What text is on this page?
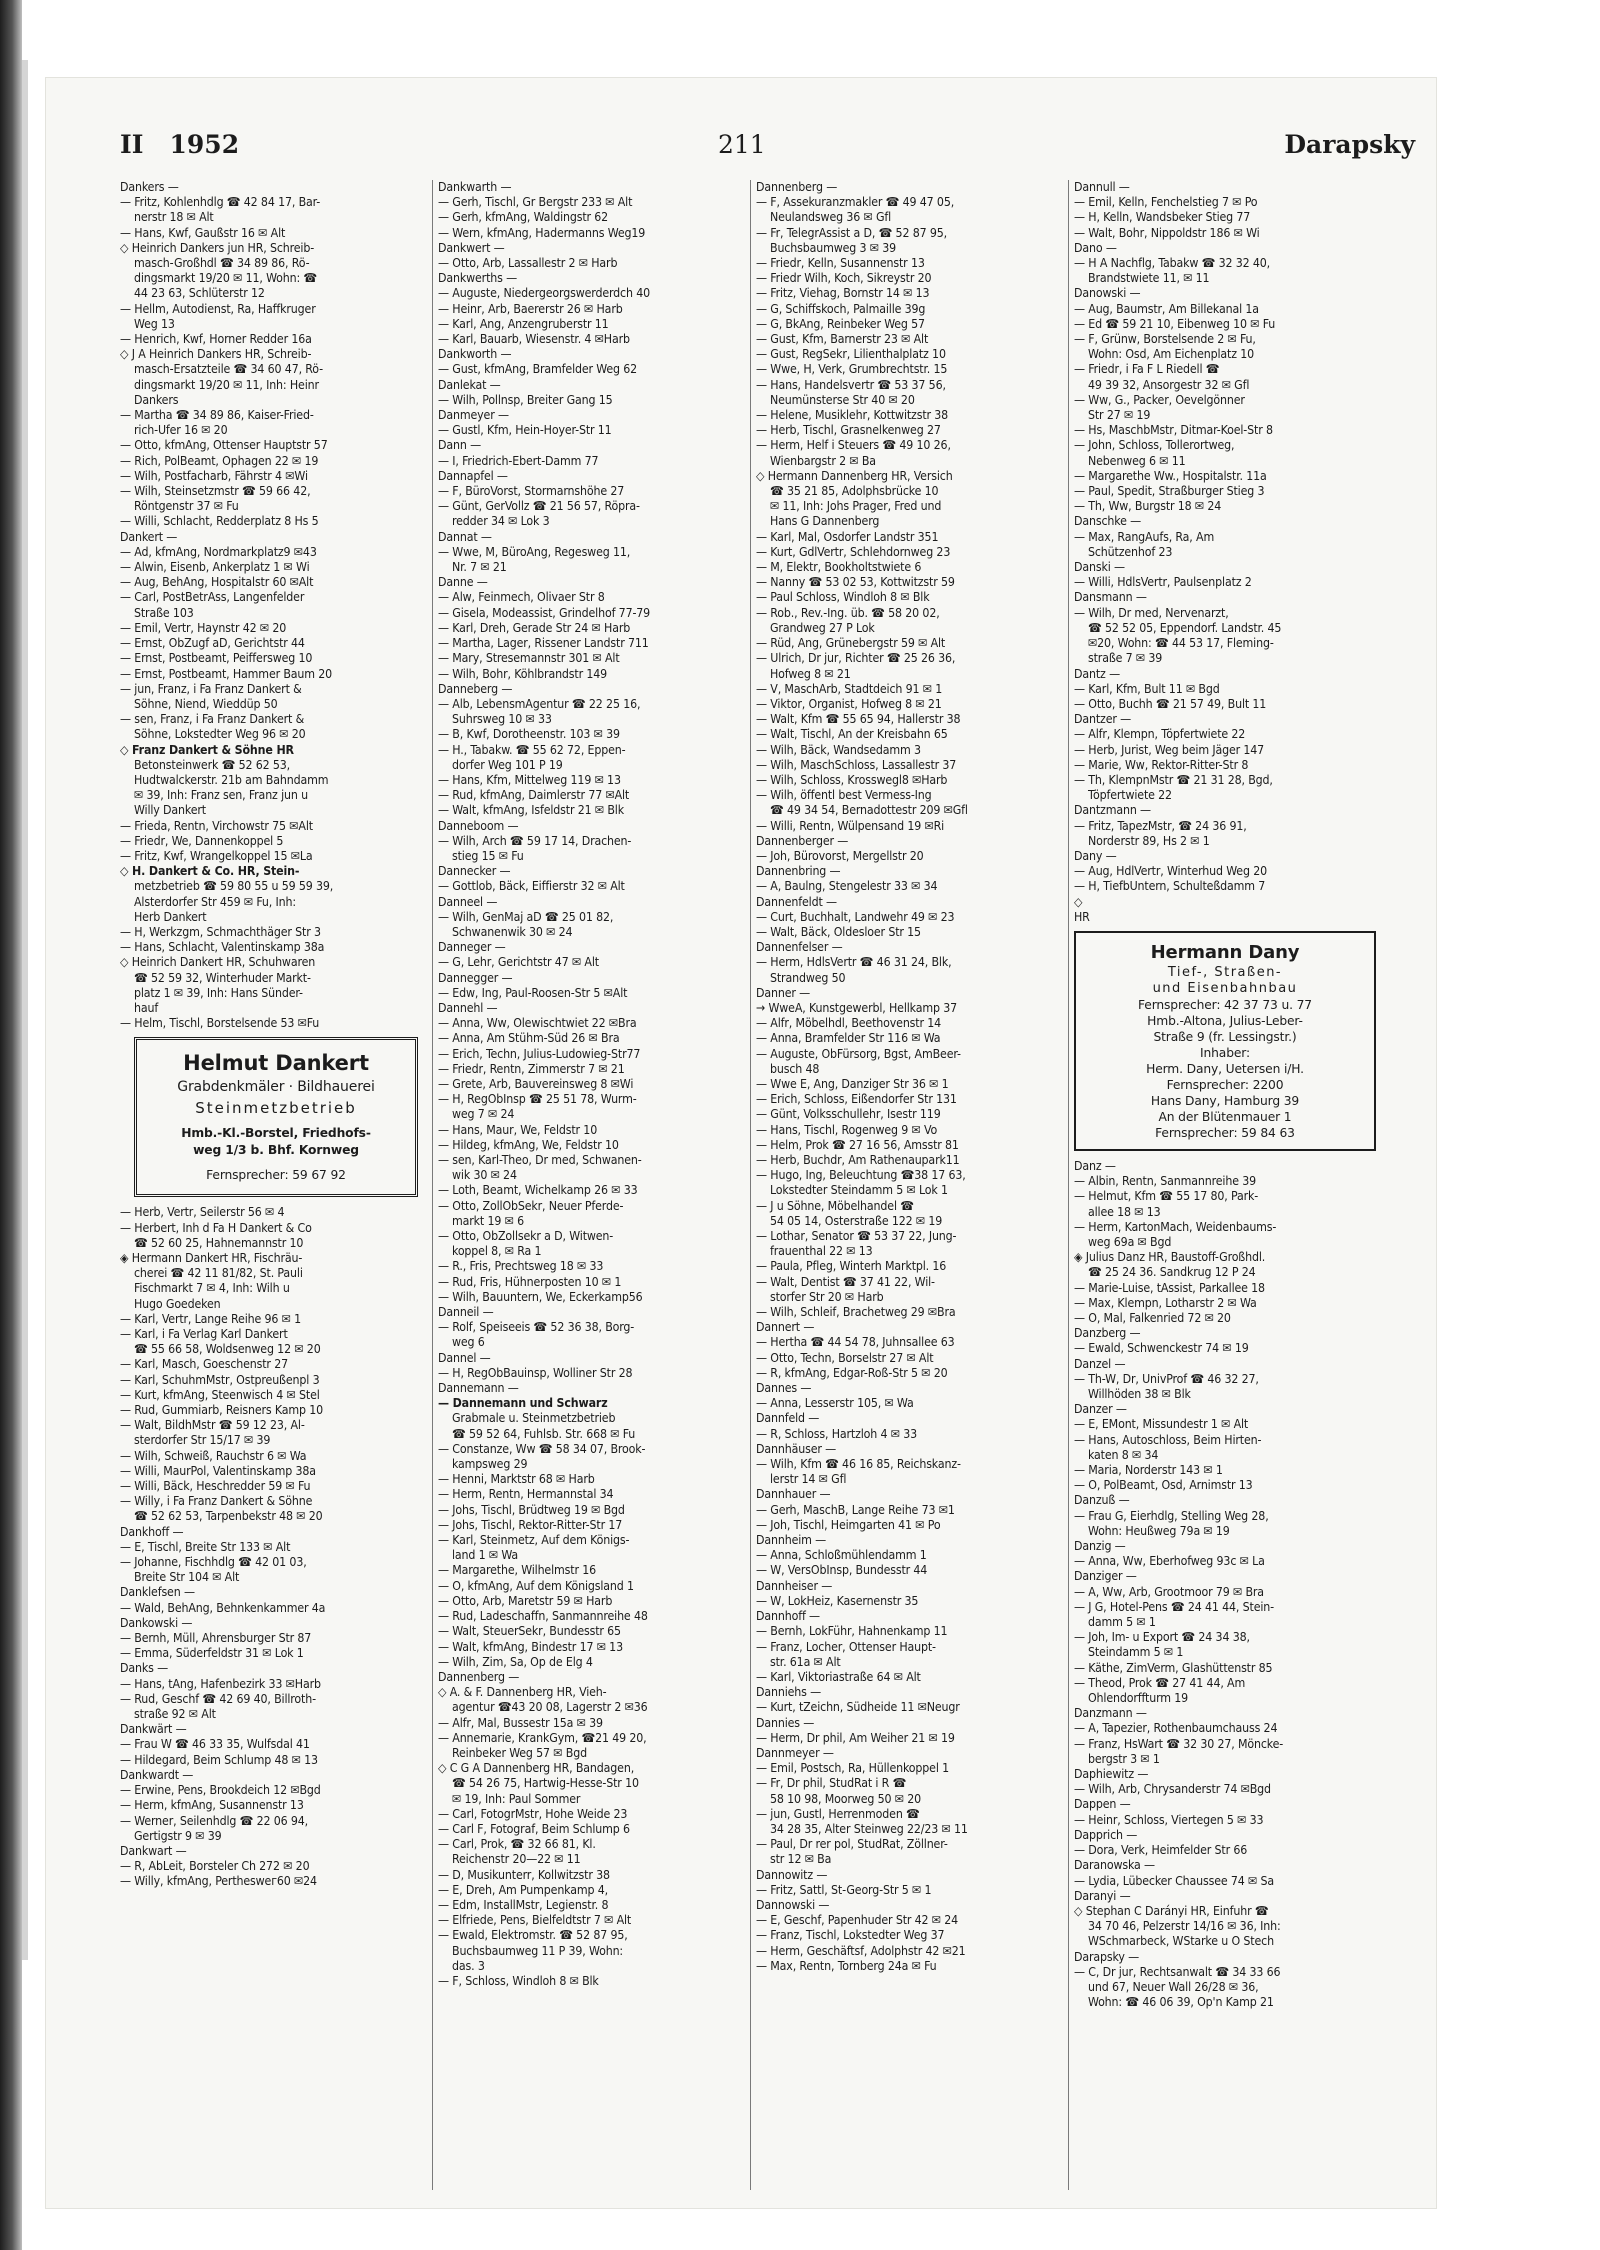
II 1952	211	Darapsky
Dankers —
— Fritz, Kohlenhdlg ☎ 42 84 17, Bar-
nerstr 18 ✉ Alt
— Hans, Kwf, Gaußstr 16 ✉ Alt
◇ Heinrich Dankers jun HR, Schreib-
masch-Großhdl ☎ 34 89 86, Rö-
dingsmarkt 19/20 ✉ 11, Wohn: ☎
44 23 63, Schlüterstr 12
— Hellm, Autodienst, Ra, Haffkruger
Weg 13
— Henrich, Kwf, Horner Redder 16a
◇ J A Heinrich Dankers HR, Schreib-
masch-Ersatzteile ☎ 34 60 47, Rö-
dingsmarkt 19/20 ✉ 11, Inh: Heinr
Dankers
— Martha ☎ 34 89 86, Kaiser-Fried-
rich-Ufer 16 ✉ 20
— Otto, kfmAng, Ottenser Hauptstr 57
— Rich, PolBeamt, Ophagen 22 ✉ 19
— Wilh, Postfacharb, Fährstr 4 ✉Wi
— Wilh, Steinsetzmstr ☎ 59 66 42,
Röntgenstr 37 ✉ Fu
— Willi, Schlacht, Redderplatz 8 Hs 5
Dankert —
— Ad, kfmAng, Nordmarkplatz9 ✉43
— Alwin, Eisenb, Ankerplatz 1 ✉ Wi
— Aug, BehAng, Hospitalstr 60 ✉Alt
— Carl, PostBetrAss, Langenfelder
Straße 103
— Emil, Vertr, Haynstr 42 ✉ 20
— Ernst, ObZugf aD, Gerichtstr 44
— Ernst, Postbeamt, Peiffersweg 10
— Ernst, Postbeamt, Hammer Baum 20
— jun, Franz, i Fa Franz Dankert &
Söhne, Niend, Wieddüp 50
— sen, Franz, i Fa Franz Dankert &
Söhne, Lokstedter Weg 96 ✉ 20
◇ Franz Dankert & Söhne HR
Betonsteinwerk ☎ 52 62 53,
Hudtwalckerstr. 21b am Bahndamm
✉ 39, Inh: Franz sen, Franz jun u
Willy Dankert
— Frieda, Rentn, Virchowstr 75 ✉Alt
— Friedr, We, Dannenkoppel 5
— Fritz, Kwf, Wrangelkoppel 15 ✉La
◇ H. Dankert & Co. HR, Stein-
metzbetrieb ☎ 59 80 55 u 59 59 39,
Alsterdorfer Str 459 ✉ Fu, Inh:
Herb Dankert
— H, Werkzgm, Schmachthäger Str 3
— Hans, Schlacht, Valentinskamp 38a
◇ Heinrich Dankert HR, Schuhwaren
☎ 52 59 32, Winterhuder Markt-
platz 1 ✉ 39, Inh: Hans Sünder-
hauf
— Helm, Tischl, Borstelsende 53 ✉Fu
Helmut Dankert
Grabdenkmäler · Bildhauerei
Steinmetzbetrieb
Hmb.-Kl.-Borstel, Friedhofs-
weg 1/3 b. Bhf. Kornweg
Fernsprecher: 59 67 92
— Herb, Vertr, Seilerstr 56 ✉ 4
— Herbert, Inh d Fa H Dankert & Co
☎ 52 60 25, Hahnemannstr 10
◈ Hermann Dankert HR, Fischräu-
cherei ☎ 42 11 81/82, St. Pauli
Fischmarkt 7 ✉ 4, Inh: Wilh u
Hugo Goedeken
— Karl, Vertr, Lange Reihe 96 ✉ 1
— Karl, i Fa Verlag Karl Dankert
☎ 55 66 58, Woldsenweg 12 ✉ 20
— Karl, Masch, Goeschenstr 27
— Karl, SchuhmMstr, Ostpreußenpl 3
— Kurt, kfmAng, Steenwisch 4 ✉ Stel
— Rud, Gummiarb, Reisners Kamp 10
— Walt, BildhMstr ☎ 59 12 23, Al-
sterdorfer Str 15/17 ✉ 39
— Wilh, Schweiß, Rauchstr 6 ✉ Wa
— Willi, MaurPol, Valentinskamp 38a
— Willi, Bäck, Heschredder 59 ✉ Fu
— Willy, i Fa Franz Dankert & Söhne
☎ 52 62 53, Tarpenbekstr 48 ✉ 20
Dankhoff —
— E, Tischl, Breite Str 133 ✉ Alt
— Johanne, Fischhdlg ☎ 42 01 03,
Breite Str 104 ✉ Alt
Danklefsen —
— Wald, BehAng, Behnkenkammer 4a
Dankowski —
— Bernh, Müll, Ahrensburger Str 87
— Emma, Süderfeldstr 31 ✉ Lok 1
Danks —
— Hans, tAng, Hafenbezirk 33 ✉Harb
— Rud, Geschf ☎ 42 69 40, Billroth-
straße 92 ✉ Alt
Dankwärt —
— Frau W ☎ 46 33 35, Wulfsdal 41
— Hildegard, Beim Schlump 48 ✉ 13
Dankwardt —
— Erwine, Pens, Brookdeich 12 ✉Bgd
— Herm, kfmAng, Susannenstr 13
— Werner, Seilenhdlg ☎ 22 06 94,
Gertigstr 9 ✉ 39
Dankwart —
— R, AbLeit, Borsteler Ch 272 ✉ 20
— Willy, kfmAng, Pertheswег60 ✉24
Dankwarth —
— Gerh, Tischl, Gr Bergstr 233 ✉ Alt
— Gerh, kfmAng, Waldingstr 62
— Wern, kfmAng, Hadermanns Weg19
Dankwert —
— Otto, Arb, Lassallestr 2 ✉ Harb
Dankwerths —
— Auguste, Niedergeorgswerderdch 40
— Heinr, Arb, Baererstr 26 ✉ Harb
— Karl, Ang, Anzengruberstr 11
— Karl, Bauarb, Wiesenstr. 4 ✉Harb
Dankworth —
— Gust, kfmAng, Bramfelder Weg 62
Danlekat —
— Wilh, Pollnsp, Breiter Gang 15
Danmeyer —
— Gustl, Kfm, Hein-Hoyer-Str 11
Dann —
— I, Friedrich-Ebert-Damm 77
Dannapfel —
— F, BüroVorst, Stormarnshöhe 27
— Günt, GerVollz ☎ 21 56 57, Röpra-
redder 34 ✉ Lok 3
Dannat —
— Wwe, M, BüroAng, Regesweg 11,
Nr. 7 ✉ 21
Danne —
— Alw, Feinmech, Olivaer Str 8
— Gisela, Modeassist, Grindelhof 77-79
— Karl, Dreh, Gerade Str 24 ✉ Harb
— Martha, Lager, Rissener Landstr 711
— Mary, Stresemannstr 301 ✉ Alt
— Wilh, Bohr, Köhlbrandstr 149
Danneberg —
— Alb, LebensmAgentur ☎ 22 25 16,
Suhrsweg 10 ✉ 33
— B, Kwf, Dorotheenstr. 103 ✉ 39
— H., Tabakw. ☎ 55 62 72, Eppen-
dorfer Weg 101 P 19
— Hans, Kfm, Mittelweg 119 ✉ 13
— Rud, kfmAng, Daimlerstr 77 ✉Alt
— Walt, kfmAng, Isfeldstr 21 ✉ Blk
Danneboom —
— Wilh, Arch ☎ 59 17 14, Drachen-
stieg 15 ✉ Fu
Dannecker —
— Gottlob, Bäck, Eiffierstr 32 ✉ Alt
Danneel —
— Wilh, GenMaj aD ☎ 25 01 82,
Schwanenwik 30 ✉ 24
Danneger —
— G, Lehr, Gerichtstr 47 ✉ Alt
Dannegger —
— Edw, Ing, Paul-Roosen-Str 5 ✉Alt
Dannehl —
— Anna, Ww, Olewischtwiet 22 ✉Bra
— Anna, Am Stühm-Süd 26 ✉ Bra
— Erich, Techn, Julius-Ludowieg-Str77
— Friedr, Rentn, Zimmerstr 7 ✉ 21
— Grete, Arb, Bauvereinsweg 8 ✉Wi
— H, RegObInsp ☎ 25 51 78, Wurm-
weg 7 ✉ 24
— Hans, Maur, We, Feldstr 10
— Hildeg, kfmAng, We, Feldstr 10
— sen, Karl-Theo, Dr med, Schwanen-
wik 30 ✉ 24
— Loth, Beamt, Wichelkamp 26 ✉ 33
— Otto, ZollObSekr, Neuer Pferde-
markt 19 ✉ 6
— Otto, ObZollsekr a D, Witwen-
koppel 8, ✉ Ra 1
— R., Fris, Prechtsweg 18 ✉ 33
— Rud, Fris, Hühnerposten 10 ✉ 1
— Wilh, Bauuntern, We, Eckerkamp56
Danneil —
— Rolf, Speiseeis ☎ 52 36 38, Borg-
weg 6
Dannel —
— H, RegObBauinsp, Wolliner Str 28
Dannemann —
— Dannemann und Schwarz
Grabmale u. Steinmetzbetrieb
☎ 59 52 64, Fuhlsb. Str. 668 ✉ Fu
— Constanze, Ww ☎ 58 34 07, Brook-
kampsweg 29
— Henni, Marktstr 68 ✉ Harb
— Herm, Rentn, Hermannstal 34
— Johs, Tischl, Brüdtweg 19 ✉ Bgd
— Johs, Tischl, Rektor-Ritter-Str 17
— Karl, Steinmetz, Auf dem Königs-
land 1 ✉ Wa
— Margarethe, Wilhelmstr 16
— O, kfmAng, Auf dem Königsland 1
— Otto, Arb, Maretstr 59 ✉ Harb
— Rud, Ladeschaffn, Sanmannreihe 48
— Walt, SteuerSekr, Bundesstr 65
— Walt, kfmAng, Bindestr 17 ✉ 13
— Wilh, Zim, Sa, Op de Elg 4
Dannenberg —
◇ A. & F. Dannenberg HR, Vieh-
agentur ☎43 20 08, Lagerstr 2 ✉36
— Alfr, Mal, Bussestr 15a ✉ 39
— Annemarie, KrankGym, ☎21 49 20,
Reinbeker Weg 57 ✉ Bgd
◇ C G A Dannenberg HR, Bandagen,
☎ 54 26 75, Hartwig-Hesse-Str 10
✉ 19, Inh: Paul Sommer
— Carl, FotogrMstr, Hohe Weide 23
— Carl F, Fotograf, Beim Schlump 6
— Carl, Prok, ☎ 32 66 81, Kl.
Reichenstr 20—22 ✉ 11
— D, Musikunterr, Kollwitzstr 38
— E, Dreh, Am Pumpenkamp 4,
— Edm, InstallMstr, Legienstr. 8
— Elfriede, Pens, Bielfeldtstr 7 ✉ Alt
— Ewald, Elektromstr. ☎ 52 87 95,
Buchsbaumweg 11 P 39, Wohn:
das. 3
— F, Schloss, Windloh 8 ✉ Blk
Dannenberg —
— F, Assekuranzmakler ☎ 49 47 05,
Neulandsweg 36 ✉ Gfl
— Fr, TelegrAssist a D, ☎ 52 87 95,
Buchsbaumweg 3 ✉ 39
— Friedr, Kelln, Susannenstr 13
— Friedr Wilh, Koch, Sikreystr 20
— Fritz, Viehag, Bornstr 14 ✉ 13
— G, Schiffskoch, Palmaille 39g
— G, BkAng, Reinbeker Weg 57
— Gust, Kfm, Barnerstr 23 ✉ Alt
— Gust, RegSekr, Lilienthalplatz 10
— Wwe, H, Verk, Grumbrechtstr. 15
— Hans, Handelsvertr ☎ 53 37 56,
Neumünsterse Str 40 ✉ 20
— Helene, Musiklehr, Kottwitzstr 38
— Herb, Tischl, Grasnelkenweg 27
— Herm, Helf i Steuers ☎ 49 10 26,
Wienbargstr 2 ✉ Ba
◇ Hermann Dannenberg HR, Versich
☎ 35 21 85, Adolphsbrücke 10
✉ 11, Inh: Johs Prager, Fred und
Hans G Dannenberg
— Karl, Mal, Osdorfer Landstr 351
— Kurt, GdlVertr, Schlehdornweg 23
— M, Elektr, Bookholtstwiete 6
— Nanny ☎ 53 02 53, Kottwitzstr 59
— Paul Schloss, Windloh 8 ✉ Blk
— Rob., Rev.-Ing. üb. ☎ 58 20 02,
Grandweg 27 P Lok
— Rüd, Ang, Grünebergstr 59 ✉ Alt
— Ulrich, Dr jur, Richter ☎ 25 26 36,
Hofweg 8 ✉ 21
— V, MaschArb, Stadtdeich 91 ✉ 1
— Viktor, Organist, Hofweg 8 ✉ 21
— Walt, Kfm ☎ 55 65 94, Hallerstr 38
— Walt, Tischl, An der Kreisbahn 65
— Wilh, Bäck, Wandsedamm 3
— Wilh, MaschSchloss, Lassallestr 37
— Wilh, Schloss, Krosswegl8 ✉Harb
— Wilh, öffentl best Vermess-Ing
☎ 49 34 54, Bernadottestr 209 ✉Gfl
— Willi, Rentn, Wülpensand 19 ✉Ri
Dannenberger —
— Joh, Bürovorst, Mergellstr 20
Dannenbring —
— A, Baulng, Stengelestr 33 ✉ 34
Dannenfeldt —
— Curt, Buchhalt, Landwehr 49 ✉ 23
— Walt, Bäck, Oldesloer Str 15
Dannenfelser —
— Herm, HdlsVertr ☎ 46 31 24, Blk,
Strandweg 50
Danner —
→ WweA, Kunstgewerbl, Hellkamp 37
— Alfr, Möbelhdl, Beethovenstr 14
— Anna, Bramfelder Str 116 ✉ Wa
— Auguste, ObFürsorg, Bgst, AmBeer-
busch 48
— Wwe E, Ang, Danziger Str 36 ✉ 1
— Erich, Schloss, Eißendorfer Str 131
— Günt, Volksschullehr, Isestr 119
— Hans, Tischl, Rogenweg 9 ✉ Vo
— Helm, Prok ☎ 27 16 56, Amsstr 81
— Herb, Buchdr, Am Rathenaupark11
— Hugo, Ing, Beleuchtung ☎38 17 63,
Lokstedter Steindamm 5 ✉ Lok 1
— J u Söhne, Möbelhandel ☎
54 05 14, Osterstraße 122 ✉ 19
— Lothar, Senator ☎ 53 37 22, Jung-
frauenthal 22 ✉ 13
— Paula, Pfleg, Winterh Marktpl. 16
— Walt, Dentist ☎ 37 41 22, Wil-
storfer Str 20 ✉ Harb
— Wilh, Schleif, Brachetweg 29 ✉Bra
Dannert —
— Hertha ☎ 44 54 78, Juhnsallee 63
— Otto, Techn, Borselstr 27 ✉ Alt
— R, kfmAng, Edgar-Roß-Str 5 ✉ 20
Dannes —
— Anna, Lesserstr 105, ✉ Wa
Dannfeld —
— R, Schloss, Hartzloh 4 ✉ 33
Dannhäuser —
— Wilh, Kfm ☎ 46 16 85, Reichskanz-
lerstr 14 ✉ Gfl
Dannhauer —
— Gerh, MaschB, Lange Reihe 73 ✉1
— Joh, Tischl, Heimgarten 41 ✉ Po
Dannheim —
— Anna, Schloßmühlendamm 1
— W, VersObInsp, Bundesstr 44
Dannheiser —
— W, LokHeiz, Kasernenstr 35
Dannhoff —
— Bernh, LokFühr, Hahnenkamp 11
— Franz, Locher, Ottenser Haupt-
str. 61a ✉ Alt
— Karl, Viktoriastraße 64 ✉ Alt
Danniehs —
— Kurt, tZeichn, Südheide 11 ✉Neugr
Dannies —
— Herm, Dr phil, Am Weiher 21 ✉ 19
Dannmeyer —
— Emil, Postsch, Ra, Hüllenkoppel 1
— Fr, Dr phil, StudRat i R ☎
58 10 98, Moorweg 50 ✉ 20
— jun, Gustl, Herrenmoden ☎
34 28 35, Alter Steinweg 22/23 ✉ 11
— Paul, Dr rer pol, StudRat, Zöllner-
str 12 ✉ Ba
Dannowitz —
— Fritz, Sattl, St-Georg-Str 5 ✉ 1
Dannowski —
— E, Geschf, Papenhuder Str 42 ✉ 24
— Franz, Tischl, Lokstedter Weg 37
— Herm, Geschäftsf, Adolphstr 42 ✉21
— Max, Rentn, Tornberg 24a ✉ Fu
Dannull —
— Emil, Kelln, Fenchelstieg 7 ✉ Po
— H, Kelln, Wandsbeker Stieg 77
— Walt, Bohr, Nippoldstr 186 ✉ Wi
Dano —
— H A Nachflg, Tabakw ☎ 32 32 40,
Brandstwiete 11, ✉ 11
Danowski —
— Aug, Baumstr, Am Billekanal 1a
— Ed ☎ 59 21 10, Eibenweg 10 ✉ Fu
— F, Grünw, Borstelsende 2 ✉ Fu,
Wohn: Osd, Am Eichenplatz 10
— Friedr, i Fa F L Riedell ☎
49 39 32, Ansorgestr 32 ✉ Gfl
— Ww, G., Packer, Oevelgönner
Str 27 ✉ 19
— Hs, MaschbMstr, Ditmar-Koel-Str 8
— John, Schloss, Tollerortweg,
Nebenweg 6 ✉ 11
— Margarethe Ww., Hospitalstr. 11a
— Paul, Spedit, Straßburger Stieg 3
— Th, Ww, Burgstr 18 ✉ 24
Danschke —
— Max, RangAufs, Ra, Am
Schützenhof 23
Danski —
— Willi, HdlsVertr, Paulsenplatz 2
Dansmann —
— Wilh, Dr med, Nervenarzt,
☎ 52 52 05, Eppendorf. Landstr. 45
✉20, Wohn: ☎ 44 53 17, Fleming-
straße 7 ✉ 39
Dantz —
— Karl, Kfm, Bult 11 ✉ Bgd
— Otto, Buchh ☎ 21 57 49, Bult 11
Dantzer —
— Alfr, Klempn, Töpfertwiete 22
— Herb, Jurist, Weg beim Jäger 147
— Marie, Ww, Rektor-Ritter-Str 8
— Th, KlempnMstr ☎ 21 31 28, Bgd,
Töpfertwiete 22
Dantzmann —
— Fritz, TapezMstr, ☎ 24 36 91,
Norderstr 89, Hs 2 ✉ 1
Dany —
— Aug, HdlVertr, Winterhud Weg 20
— H, TiefbUntern, Schulteßdamm 7
◇
HR
Hermann Dany
Tief-, Straßen-
und Eisenbahnbau
Fernsprecher: 42 37 73 u. 77
Hmb.-Altona, Julius-Leber-
Straße 9 (fr. Lessingstr.)
Inhaber:
Herm. Dany, Uetersen i/H.
Fernsprecher: 2200
Hans Dany, Hamburg 39
An der Blütenmauer 1
Fernsprecher: 59 84 63
Danz —
— Albin, Rentn, Sanmannreihe 39
— Helmut, Kfm ☎ 55 17 80, Park-
allee 18 ✉ 13
— Herm, KartonMach, Weidenbaums-
weg 69a ✉ Bgd
◈ Julius Danz HR, Baustoff-Großhdl.
☎ 25 24 36. Sandkrug 12 P 24
— Marie-Luise, tAssist, Parkallee 18
— Max, Klempn, Lotharstr 2 ✉ Wa
— O, Mal, Falkenried 72 ✉ 20
Danzberg —
— Ewald, Schwenckestr 74 ✉ 19
Danzel —
— Th-W, Dr, UnivProf ☎ 46 32 27,
Willhöden 38 ✉ Blk
Danzer —
— E, EMont, Missundestr 1 ✉ Alt
— Hans, Autoschloss, Beim Hirten-
katen 8 ✉ 34
— Maria, Norderstr 143 ✉ 1
— O, PolBeamt, Osd, Arnimstr 13
Danzuß —
— Frau G, Eierhdlg, Stelling Weg 28,
Wohn: Heußweg 79a ✉ 19
Danzig —
— Anna, Ww, Eberhofweg 93c ✉ La
Danziger —
— A, Ww, Arb, Grootmoor 79 ✉ Bra
— J G, Hotel-Pens ☎ 24 41 44, Stein-
damm 5 ✉ 1
— Joh, Im- u Export ☎ 24 34 38,
Steindamm 5 ✉ 1
— Käthe, ZimVerm, Glashüttenstr 85
— Theod, Prok ☎ 27 41 44, Am
Ohlendorffturm 19
Danzmann —
— A, Tapezier, Rothenbaumchauss 24
— Franz, HsWart ☎ 32 30 27, Möncke-
bergstr 3 ✉ 1
Daphiewitz —
— Wilh, Arb, Chrysanderstr 74 ✉Bgd
Dappen —
— Heinr, Schloss, Viertegen 5 ✉ 33
Dapprich —
— Dora, Verk, Heimfelder Str 66
Daranowska —
— Lydia, Lübecker Chaussee 74 ✉ Sa
Daranyi —
◇ Stephan C Darányi HR, Einfuhr ☎
34 70 46, Pelzerstr 14/16 ✉ 36, Inh:
WSchmarbeck, WStarke u O Stech
Darapsky —
— C, Dr jur, Rechtsanwalt ☎ 34 33 66
und 67, Neuer Wall 26/28 ✉ 36,
Wohn: ☎ 46 06 39, Op'n Kamp 21
